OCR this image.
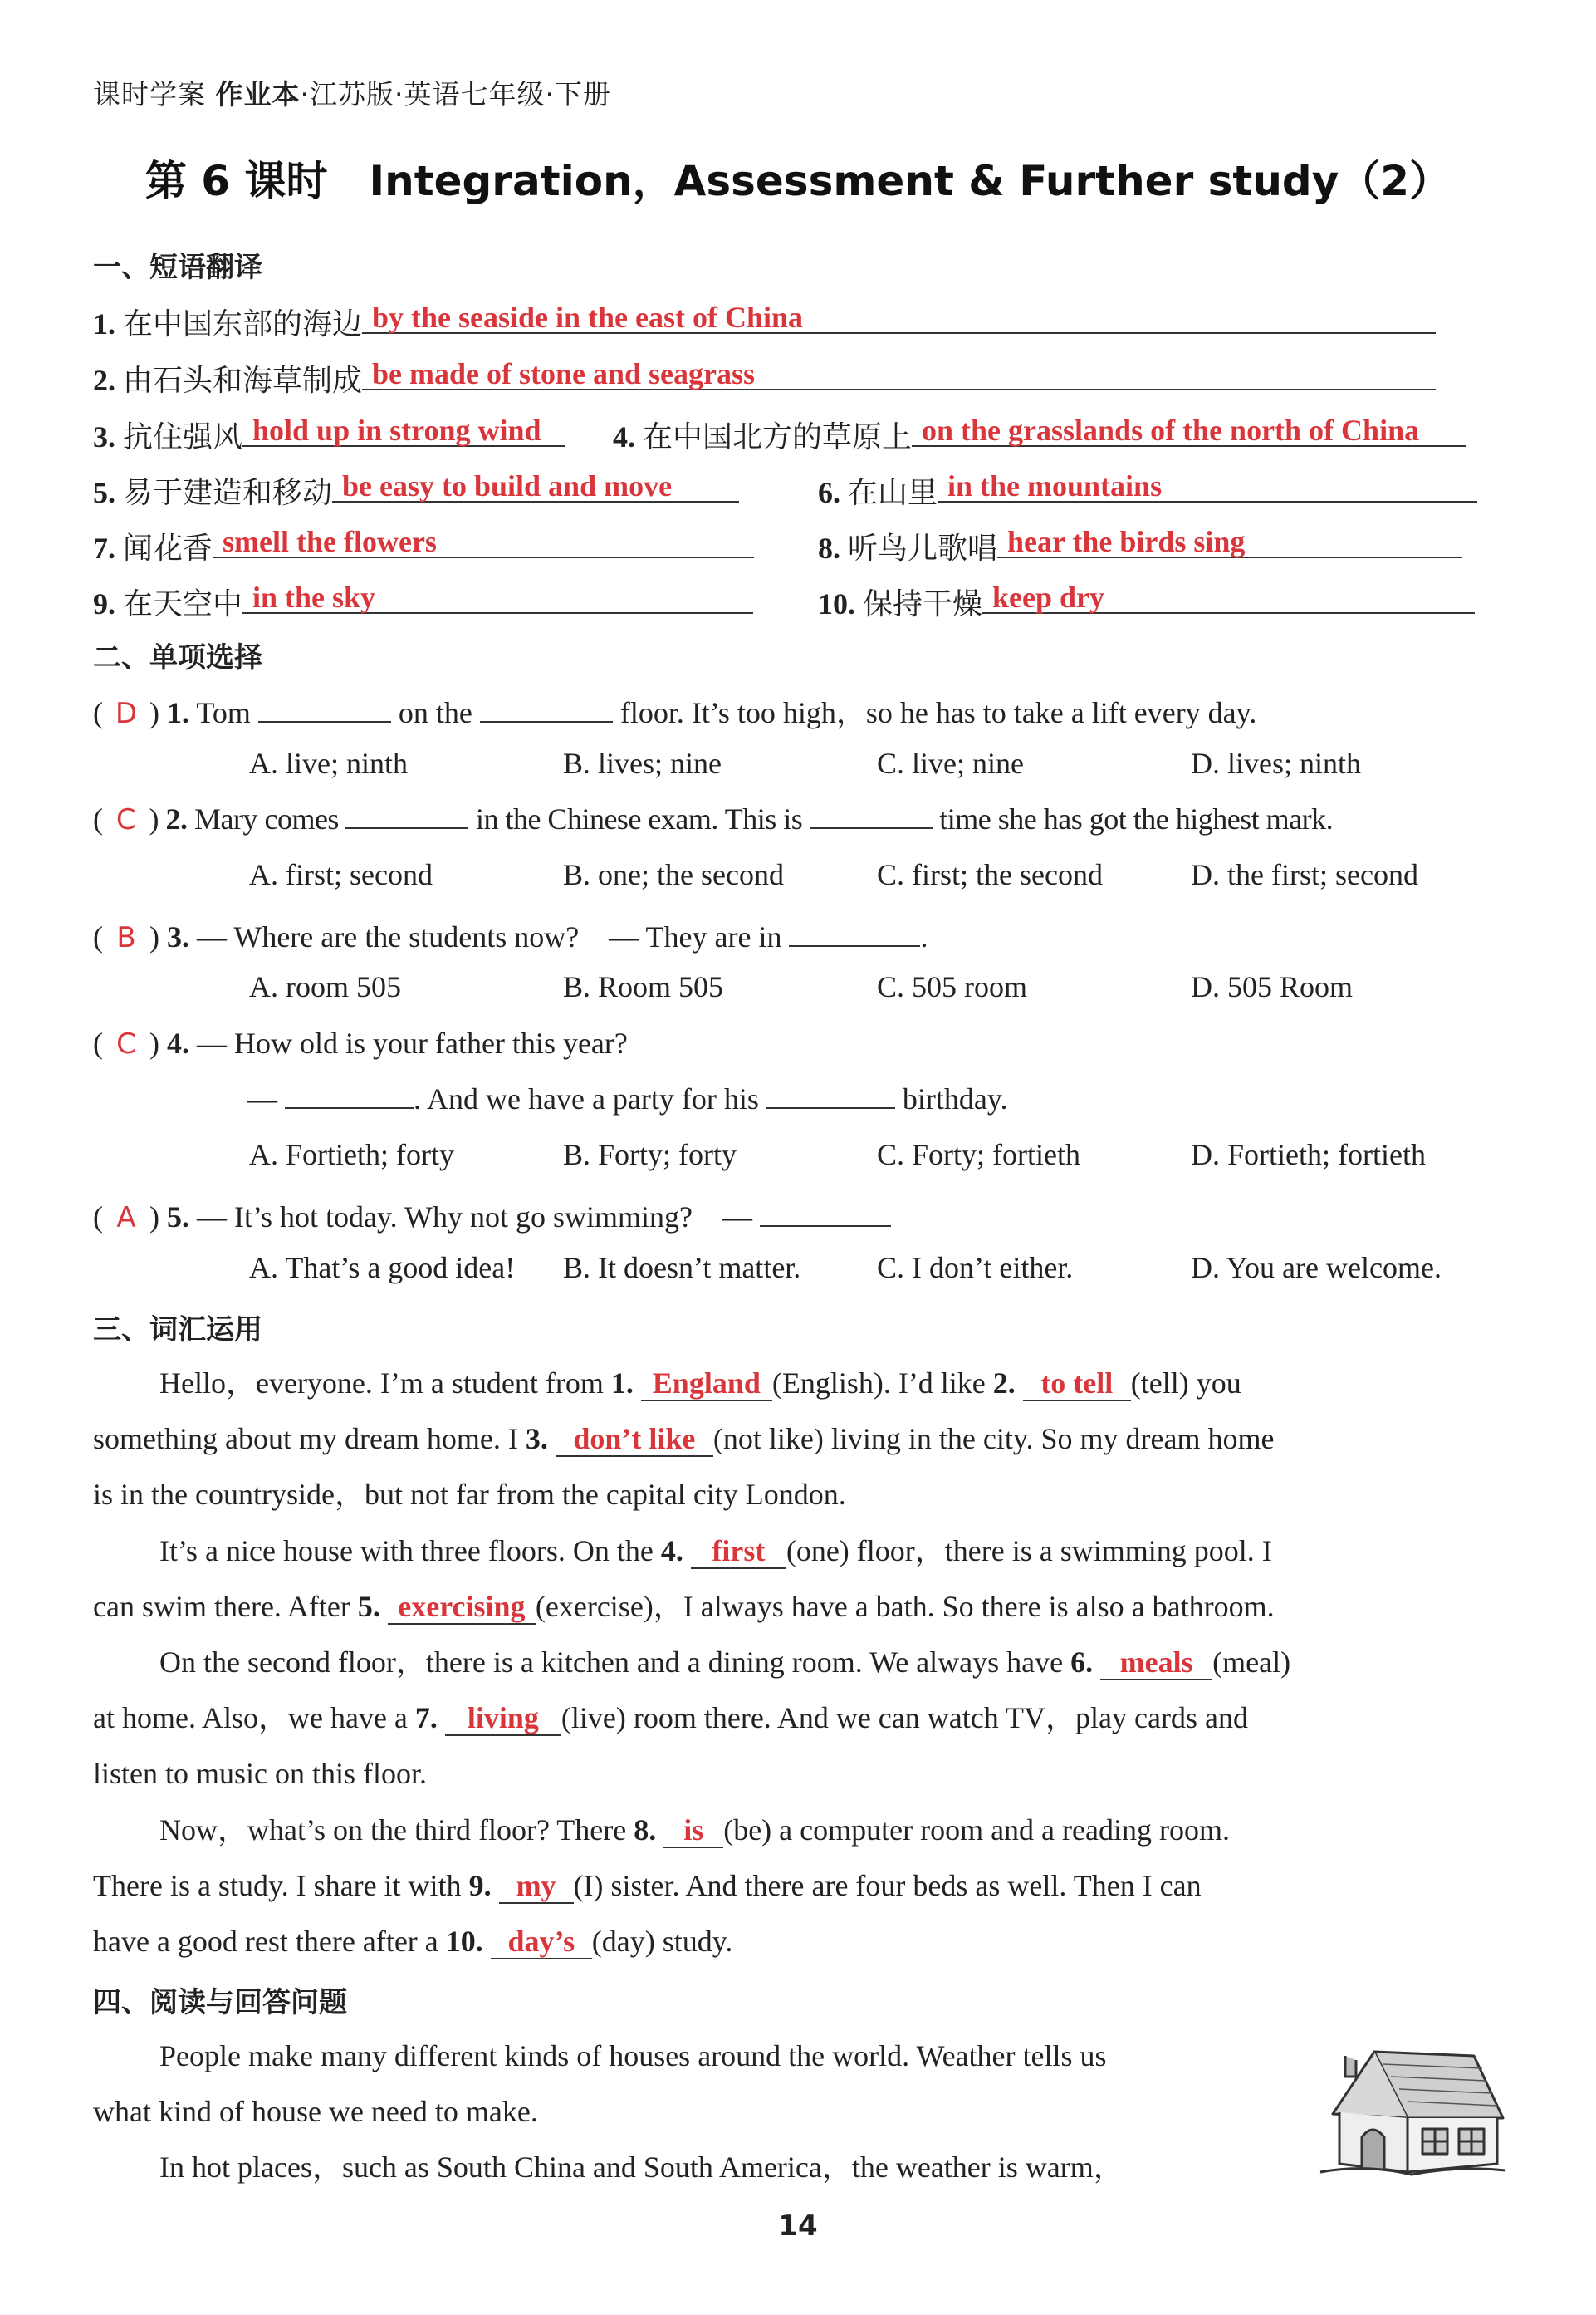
课时学案 作业本·江苏版·英语七年级·下册
第 6 课时　Integration，Assessment & Further study（2）
一、短语翻译
1. 在中国东部的海边 by the seaside in the east of China
2. 由石头和海草制成 be made of stone and seagrass
3. 抗住强风 hold up in strong wind 4. 在中国北方的草原上 on the grasslands of the north of China
5. 易于建造和移动 be easy to build and move	6. 在山里 in the mountains
7. 闻花香 smell the flowers	8. 听鸟儿歌唱 hear the birds sing
9. 在天空中 in the sky	10. 保持干燥 keep dry
二、单项选择
( D ) 1. Tom	on the	floor. It’s too high，so he has to take a lift every day.
A. live; ninth	B. lives; nine	C. live; nine	D. lives; ninth
( C ) 2. Mary comes	in the Chinese exam. This is	time she has got the highest mark.
A. first; second	B. one; the second	C. first; the second	D. the first; second
( B ) 3. — Where are the students now?　— They are in	.
A. room 505	B. Room 505	C. 505 room	D. 505 Room
( C ) 4. — How old is your father this year?
—	. And we have a party for his	birthday.
A. Fortieth; forty	B. Forty; forty	C. Forty; fortieth	D. Fortieth; fortieth
( A ) 5. — It’s hot today. Why not go swimming?　—
A. That’s a good idea! B. It doesn’t matter.	C. I don’t either.	D. You are welcome.
三、词汇运用
Hello，everyone. I’m a student from 1. England (English). I’d like 2. to tell (tell) you
something about my dream home. I 3. don’t like (not like) living in the city. So my dream home
is in the countryside，but not far from the capital city London.
It’s a nice house with three floors. On the 4. first (one) floor，there is a swimming pool. I
can swim there. After 5. exercising (exercise)，I always have a bath. So there is also a bathroom.
On the second floor，there is a kitchen and a dining room. We always have 6. meals (meal)
at home. Also，we have a 7. living (live) room there. And we can watch TV，play cards and
listen to music on this floor.
Now，what’s on the third floor? There 8. is (be) a computer room and a reading room.
There is a study. I share it with 9. my (I) sister. And there are four beds as well. Then I can
have a good rest there after a 10. day’s (day) study.
四、阅读与回答问题
People make many different kinds of houses around the world. Weather tells us
what kind of house we need to make.
In hot places，such as South China and South America，the weather is warm，
14
